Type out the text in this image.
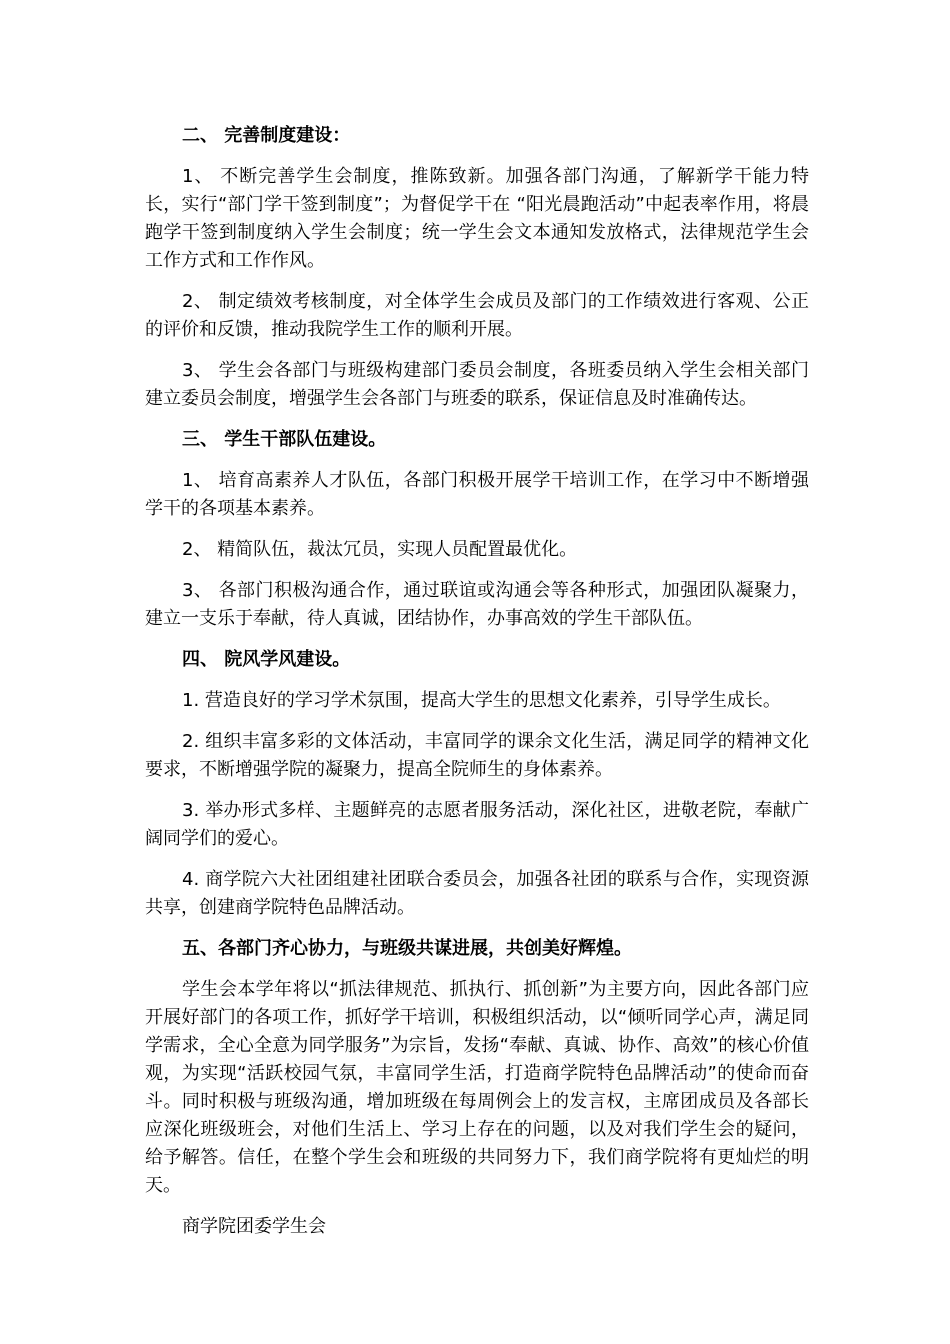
二、 完善制度建设：

1、 不断完善学生会制度，推陈致新。加强各部门沟通，了解新学干能力特长，实行“部门学干签到制度”；为督促学干在 “阳光晨跑活动”中起表率作用，将晨跑学干签到制度纳入学生会制度；统一学生会文本通知发放格式，法律规范学生会工作方式和工作作风。

2、 制定绩效考核制度，对全体学生会成员及部门的工作绩效进行客观、公正的评价和反馈，推动我院学生工作的顺利开展。

3、 学生会各部门与班级构建部门委员会制度，各班委员纳入学生会相关部门建立委员会制度，增强学生会各部门与班委的联系，保证信息及时准确传达。

三、 学生干部队伍建设。

1、 培育高素养人才队伍，各部门积极开展学干培训工作，在学习中不断增强学干的各项基本素养。

2、 精简队伍，裁汰冗员，实现人员配置最优化。

3、 各部门积极沟通合作，通过联谊或沟通会等各种形式，加强团队凝聚力，建立一支乐于奉献，待人真诚，团结协作，办事高效的学生干部队伍。

四、 院风学风建设。

1. 营造良好的学习学术氛围，提高大学生的思想文化素养，引导学生成长。

2. 组织丰富多彩的文体活动，丰富同学的课余文化生活，满足同学的精神文化要求，不断增强学院的凝聚力，提高全院师生的身体素养。

3. 举办形式多样、主题鲜亮的志愿者服务活动，深化社区，进敬老院，奉献广阔同学们的爱心。

4. 商学院六大社团组建社团联合委员会，加强各社团的联系与合作，实现资源共享，创建商学院特色品牌活动。

五、各部门齐心协力，与班级共谋进展，共创美好辉煌。

学生会本学年将以“抓法律规范、抓执行、抓创新”为主要方向，因此各部门应开展好部门的各项工作，抓好学干培训，积极组织活动，以“倾听同学心声，满足同学需求，全心全意为同学服务”为宗旨，发扬“奉献、真诚、协作、高效”的核心价值观，为实现“活跃校园气氛，丰富同学生活，打造商学院特色品牌活动”的使命而奋斗。同时积极与班级沟通，增加班级在每周例会上的发言权，主席团成员及各部长应深化班级班会，对他们生活上、学习上存在的问题，以及对我们学生会的疑问，给予解答。信任，在整个学生会和班级的共同努力下，我们商学院将有更灿烂的明天。

商学院团委学生会
